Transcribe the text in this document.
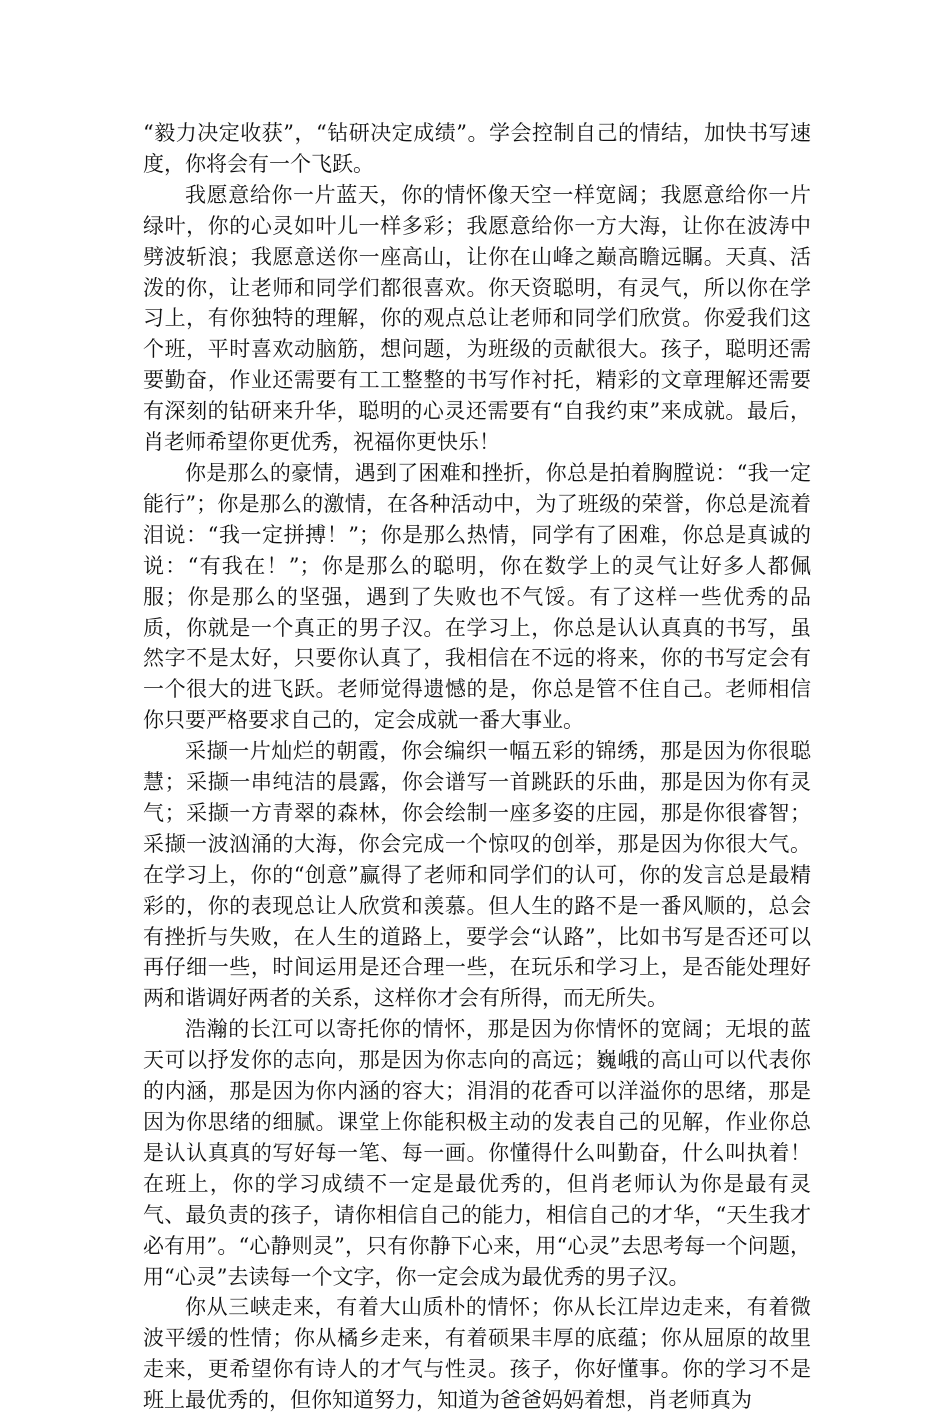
“毅力决定收获”，“钻研决定成绩”。学会控制自己的情结，加快书写速度，你将会有一个飞跃。

我愿意给你一片蓝天，你的情怀像天空一样宽阔；我愿意给你一片绿叶，你的心灵如叶儿一样多彩；我愿意给你一方大海，让你在波涛中劈波斩浪；我愿意送你一座高山，让你在山峰之巅高瞻远瞩。天真、活泼的你，让老师和同学们都很喜欢。你天资聪明，有灵气，所以你在学习上，有你独特的理解，你的观点总让老师和同学们欣赏。你爱我们这个班，平时喜欢动脑筋，想问题，为班级的贡献很大。孩子，聪明还需要勤奋，作业还需要有工工整整的书写作衬托，精彩的文章理解还需要有深刻的钻研来升华，聪明的心灵还需要有“自我约束”来成就。最后，肖老师希望你更优秀，祝福你更快乐！

你是那么的豪情，遇到了困难和挫折，你总是拍着胸膛说：“我一定能行”；你是那么的激情，在各种活动中，为了班级的荣誉，你总是流着泪说：“我一定拼搏！”；你是那么热情，同学有了困难，你总是真诚的说：“有我在！”；你是那么的聪明，你在数学上的灵气让好多人都佩服；你是那么的坚强，遇到了失败也不气馁。有了这样一些优秀的品质，你就是一个真正的男子汉。在学习上，你总是认认真真的书写，虽然字不是太好，只要你认真了，我相信在不远的将来，你的书写定会有一个很大的进飞跃。老师觉得遗憾的是，你总是管不住自己。老师相信你只要严格要求自己的，定会成就一番大事业。

采撷一片灿烂的朝霞，你会编织一幅五彩的锦绣，那是因为你很聪慧；采撷一串纯洁的晨露，你会谱写一首跳跃的乐曲，那是因为你有灵气；采撷一方青翠的森林，你会绘制一座多姿的庄园，那是你很睿智；采撷一波汹涌的大海，你会完成一个惊叹的创举，那是因为你很大气。在学习上，你的“创意”赢得了老师和同学们的认可，你的发言总是最精彩的，你的表现总让人欣赏和羡慕。但人生的路不是一番风顺的，总会有挫折与失败，在人生的道路上，要学会“认路”，比如书写是否还可以再仔细一些，时间运用是还合理一些，在玩乐和学习上，是否能处理好两和谐调好两者的关系，这样你才会有所得，而无所失。

浩瀚的长江可以寄托你的情怀，那是因为你情怀的宽阔；无垠的蓝天可以抒发你的志向，那是因为你志向的高远；巍峨的高山可以代表你的内涵，那是因为你内涵的容大；涓涓的花香可以洋溢你的思绪，那是因为你思绪的细腻。课堂上你能积极主动的发表自己的见解，作业你总是认认真真的写好每一笔、每一画。你懂得什么叫勤奋，什么叫执着！在班上，你的学习成绩不一定是最优秀的，但肖老师认为你是最有灵气、最负责的孩子，请你相信自己的能力，相信自己的才华，“天生我才必有用”。“心静则灵”，只有你静下心来，用“心灵”去思考每一个问题，用“心灵”去读每一个文字，你一定会成为最优秀的男子汉。

你从三峡走来，有着大山质朴的情怀；你从长江岸边走来，有着微波平缓的性情；你从橘乡走来，有着硕果丰厚的底蕴；你从屈原的故里走来，更希望你有诗人的才气与性灵。孩子，你好懂事。你的学习不是班上最优秀的，但你知道努力，知道为爸爸妈妈着想，肖老师真为
